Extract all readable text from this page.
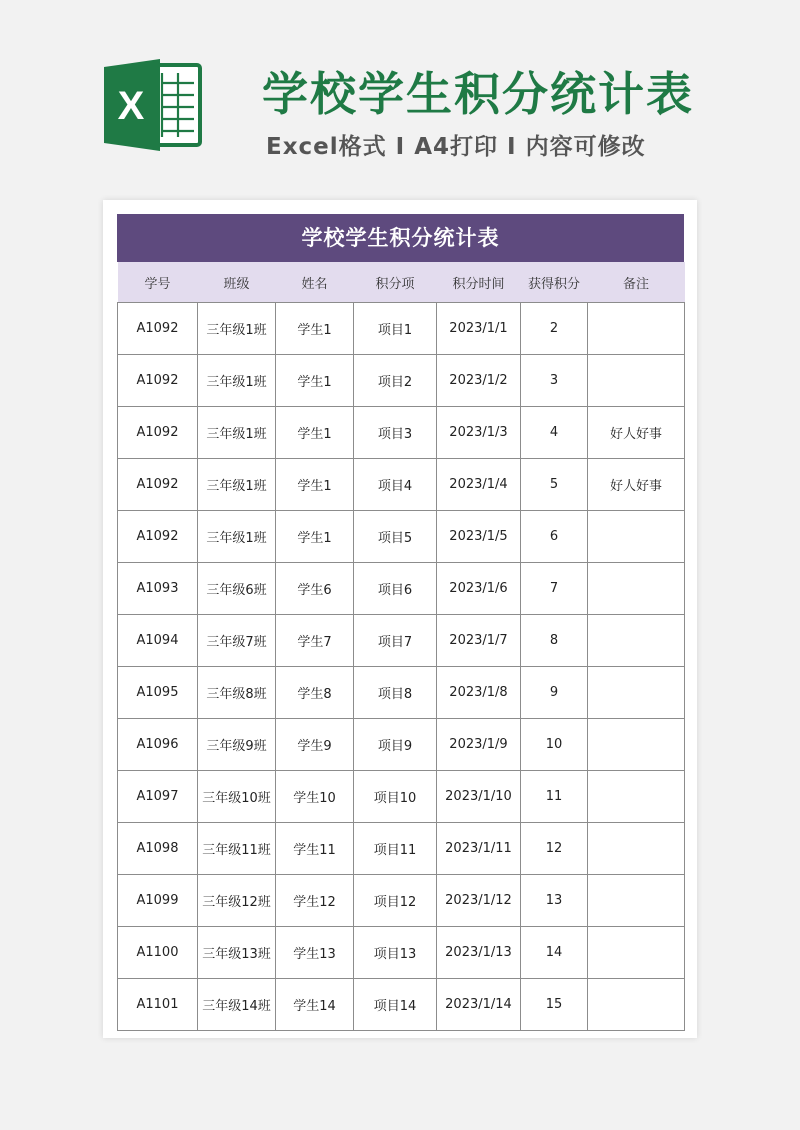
X	学校学生积分统计表
Excel格式 I A4打印 I 内容可修改
学校学生积分统计表
学号	班级	姓名	积分项	积分时间	获得积分	备注
A1092	三年级1班	学生1	项目1	2023/1/1	2	
A1092	三年级1班	学生1	项目2	2023/1/2	3	
A1092	三年级1班	学生1	项目3	2023/1/3	4	好人好事
A1092	三年级1班	学生1	项目4	2023/1/4	5	好人好事
A1092	三年级1班	学生1	项目5	2023/1/5	6	
A1093	三年级6班	学生6	项目6	2023/1/6	7	
A1094	三年级7班	学生7	项目7	2023/1/7	8	
A1095	三年级8班	学生8	项目8	2023/1/8	9	
A1096	三年级9班	学生9	项目9	2023/1/9	10	
A1097	三年级10班	学生10	项目10	2023/1/10	11	
A1098	三年级11班	学生11	项目11	2023/1/11	12	
A1099	三年级12班	学生12	项目12	2023/1/12	13	
A1100	三年级13班	学生13	项目13	2023/1/13	14	
A1101	三年级14班	学生14	项目14	2023/1/14	15	
